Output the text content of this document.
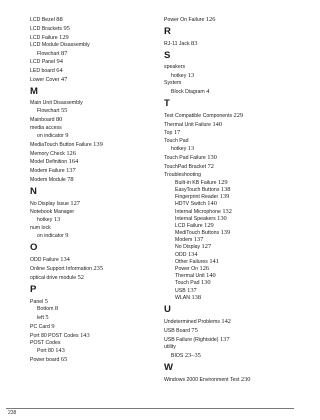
LCD Bezel 88
LCD Brackets 95
LCD Failure 129
LCD Module Disassembly
Flowchart 87
LCD Panel 94
LED board 64
Lower Cover 47
M
Main Unit Disassembly
Flowchart 55
Mainboard 80
media access
on indicator 9
MediaTouch Button Failure 139
Memory Check 126
Model Definition 164
Modem Failure 137
Modem Module 78
N
No Display Issue 127
Notebook Manager
hotkey 13
num lock
on indicator 9
O
ODD Failure 134
Online Support Information 235
optical drive module 52
P
Panel 5
Bottom 8
left 5
PC Card 9
Port 80 POST Codes 143
POST Codes
Port 80 143
Power board 65
Power On Failure 126
R
RJ-11 Jack 83
S
speakers
hotkey 13
System
Block Diagram 4
T
Test Compatible Components 229
Thermal Unit Failure 140
Top 17
Touch Pad
hotkey 13
Touch Pad Failure 130
TouchPad Bracket 72
Troubleshooting
Built-in KB Failure 129
EasyTouch Buttons 138
Fingerprint Reader 139
HDTV Switch 140
Internal Microphone 132
Internal Speakers 130
LCD Failure 129
MediTouch Buttons 139
Modem 137
No Display 127
ODD 134
Other Failures 141
Power On 126
Thermal Unit 140
Touch Pad 130
USB 137
WLAN 138
U
Undetermined Problems 142
USB Board 75
USB Failure (Rightside) 137
utility
BIOS 23–35
W
Windows 2000 Environment Test 230
238
